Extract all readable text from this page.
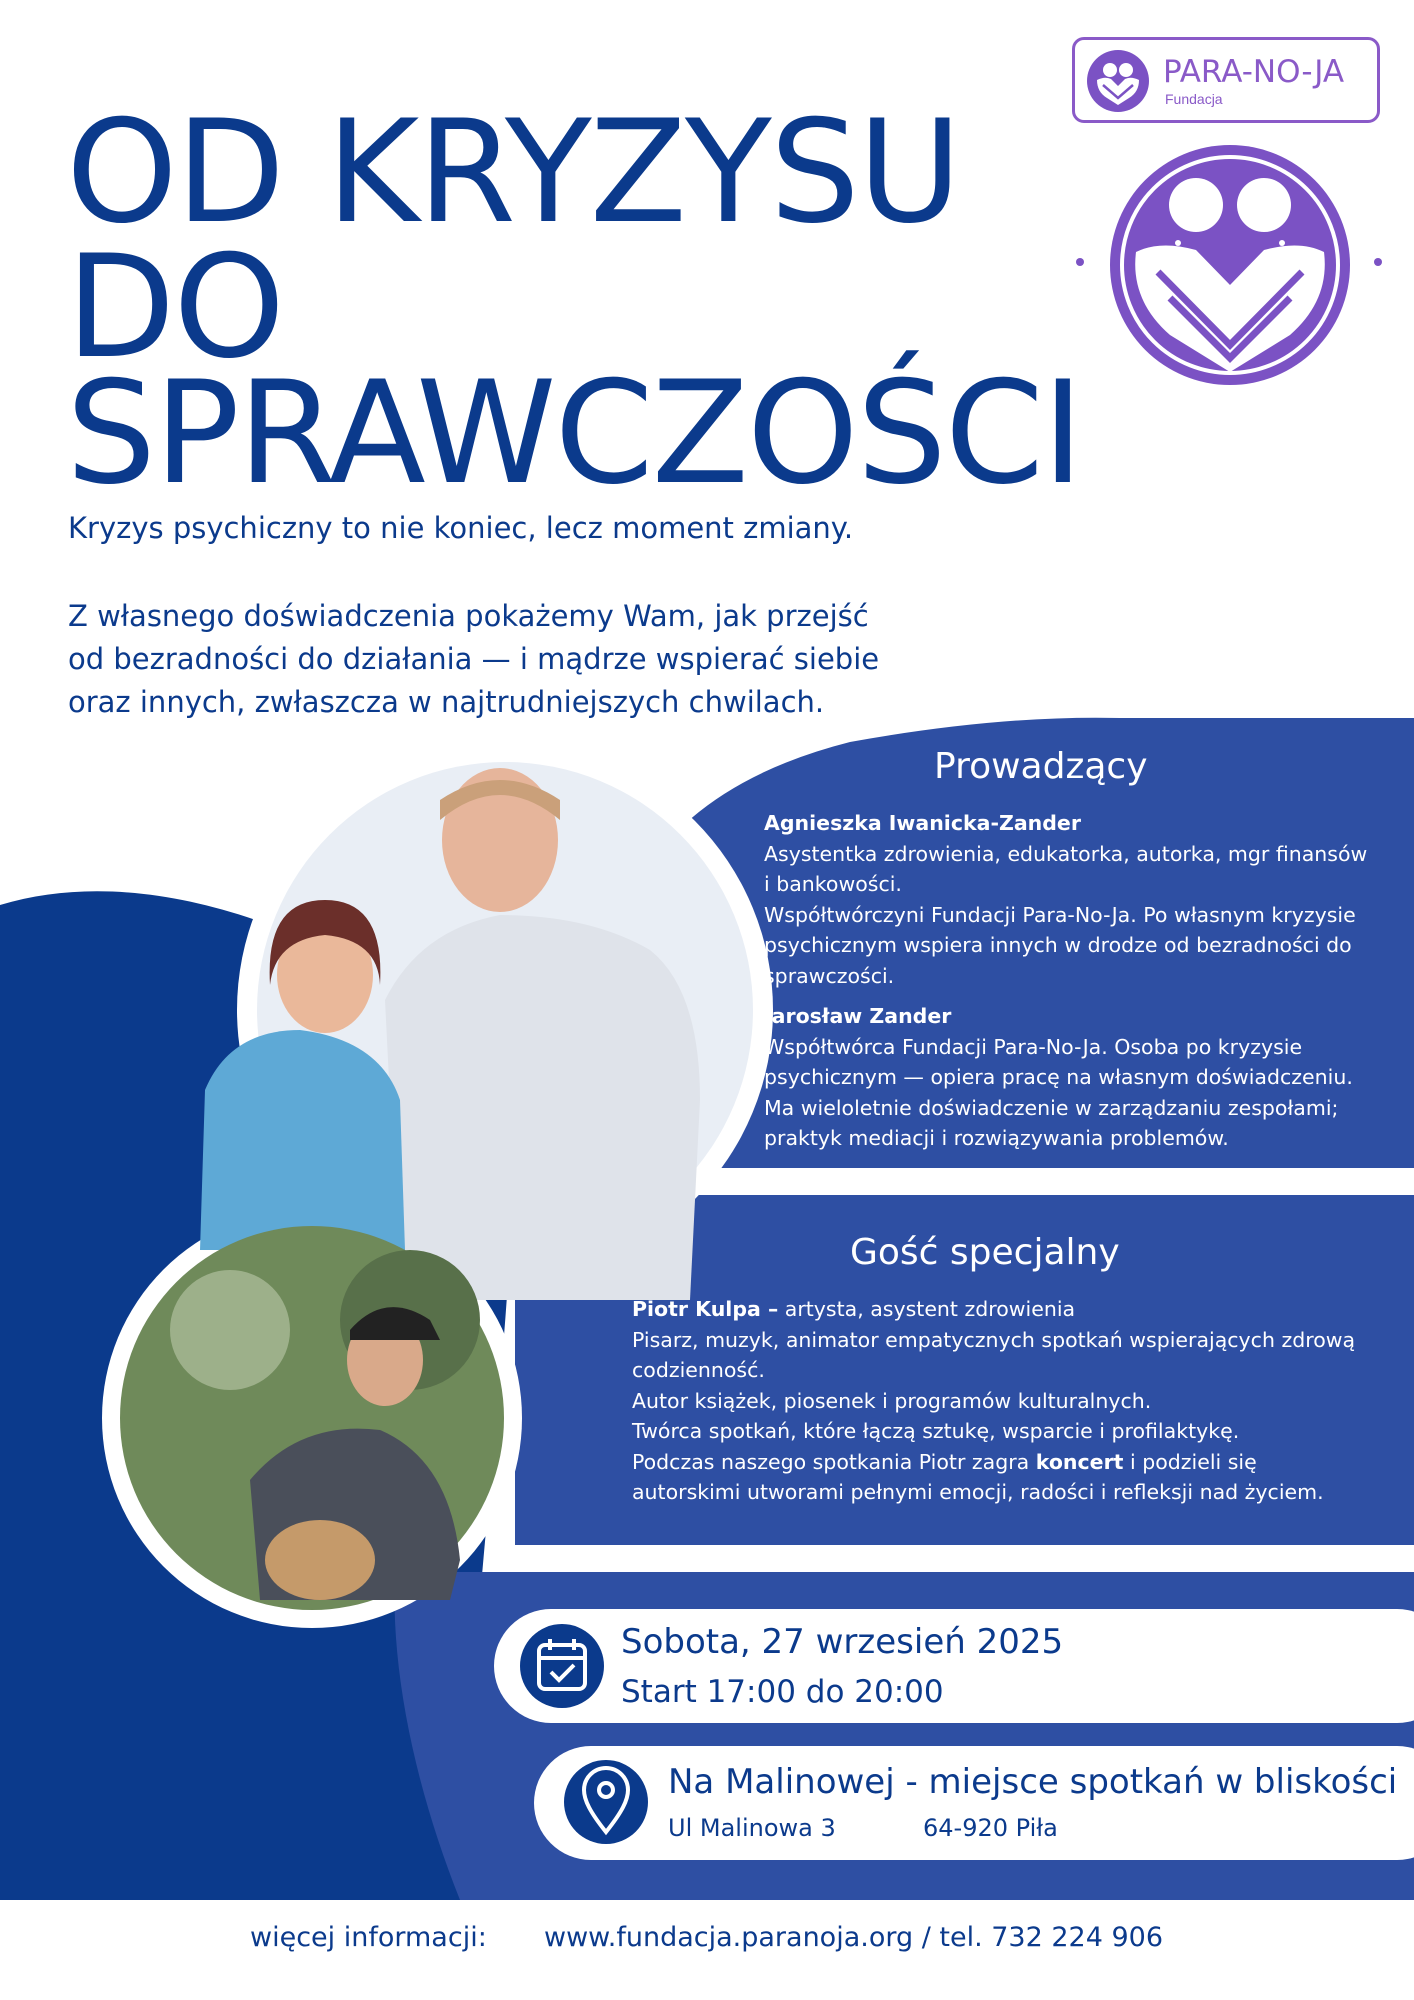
PARA-NO-JA
Fundacja
OD KRYZYSU
DO
SPRAWCZOŚCI

Kryzys psychiczny to nie koniec, lecz moment zmiany.

Z własnego doświadczenia pokażemy Wam, jak przejść
od bezradności do działania — i mądrze wspierać siebie
oraz innych, zwłaszcza w najtrudniejszych chwilach.

Prowadzący
Agnieszka Iwanicka-Zander
Asystentka zdrowienia, edukatorka, autorka, mgr finansów
i bankowości.
Współtwórczyni Fundacji Para-No-Ja. Po własnym kryzysie
psychicznym wspiera innych w drodze od bezradności do
sprawczości.
Jarosław Zander
Współtwórca Fundacji Para-No-Ja. Osoba po kryzysie
psychicznym — opiera pracę na własnym doświadczeniu.
Ma wieloletnie doświadczenie w zarządzaniu zespołami;
praktyk mediacji i rozwiązywania problemów.
Gość specjalny
Piotr Kulpa – artysta, asystent zdrowienia
Pisarz, muzyk, animator empatycznych spotkań wspierających zdrową
codzienność.
Autor książek, piosenek i programów kulturalnych.
Twórca spotkań, które łączą sztukę, wsparcie i profilaktykę.
Podczas naszego spotkania Piotr zagra koncert i podzieli się
autorskimi utworami pełnymi emocji, radości i refleksji nad życiem.
Sobota, 27 wrzesień 2025
Start 17:00 do 20:00
Na Malinowej - miejsce spotkań w bliskości
Ul Malinowa 3	64-920 Piła
więcej informacji: www.fundacja.paranoja.org / tel. 732 224 906
